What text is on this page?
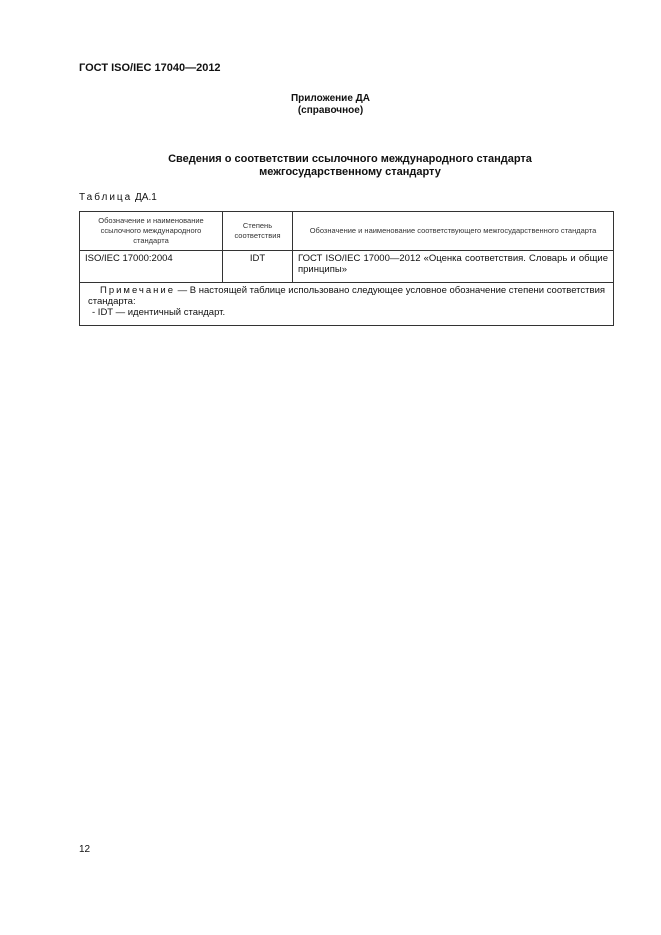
ГОСТ ISO/IEC 17040—2012
Приложение ДА
(справочное)
Сведения о соответствии ссылочного международного стандарта
межгосударственному стандарту
Таблица ДА.1
Обозначение и наименование ссылочного международного стандарта	Степень соответствия	Обозначение и наименование соответствующего межгосударственного стандарта
ISO/IEC 17000:2004	IDT	ГОСТ ISO/IEC 17000—2012 «Оценка соответствия. Словарь и общие принципы»

Примечание — В настоящей таблице использовано следующее условное обозначение степени соответствия стандарта:
- IDT — идентичный стандарт.		
12
